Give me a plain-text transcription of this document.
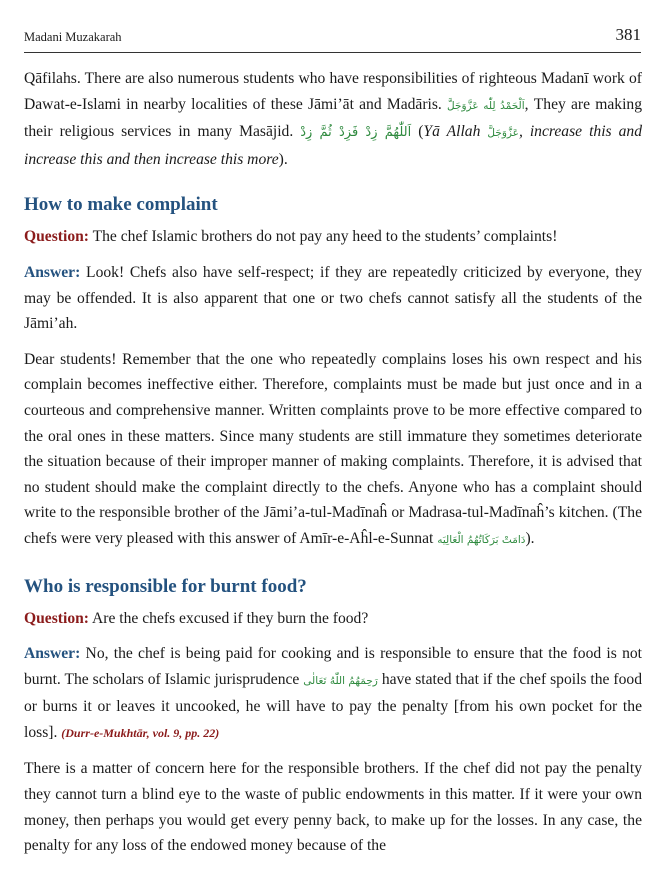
Madani Muzakarah	381

Qāfilahs. There are also numerous students who have responsibilities of righteous Madanī work of Dawat-e-Islami in nearby localities of these Jāmi’āt and Madāris. اَلْحَمْدُ لِلّٰه عَزَّوَجَلَّ, They are making their religious services in many Masājid. اَللّٰهُمَّ زِدْ فَزِدْ ثُمَّ زِدْ (Yā Allah عَزَّوَجَلَّ, increase this and increase this and then increase this more).

How to make complaint

Question: The chef Islamic brothers do not pay any heed to the students’ complaints!

Answer: Look! Chefs also have self-respect; if they are repeatedly criticized by everyone, they may be offended. It is also apparent that one or two chefs cannot satisfy all the students of the Jāmi’ah.

Dear students! Remember that the one who repeatedly complains loses his own respect and his complain becomes ineffective either. Therefore, complaints must be made but just once and in a courteous and comprehensive manner. Written complaints prove to be more effective compared to the oral ones in these matters. Since many students are still immature they sometimes deteriorate the situation because of their improper manner of making complaints. Therefore, it is advised that no student should make the complaint directly to the chefs. Anyone who has a complaint should write to the responsible brother of the Jāmi’a-tul-Madīnaĥ or Madrasa-tul-Madīnaĥ’s kitchen. (The chefs were very pleased with this answer of Amīr-e-Aĥl-e-Sunnat دَامَتْ بَرَكَاتُهُمُ الْعَالِيَه).

Who is responsible for burnt food?

Question: Are the chefs excused if they burn the food?

Answer: No, the chef is being paid for cooking and is responsible to ensure that the food is not burnt. The scholars of Islamic jurisprudence رَحِمَهُمُ اللّٰهُ تَعَالٰى have stated that if the chef spoils the food or burns it or leaves it uncooked, he will have to pay the penalty [from his own pocket for the loss]. (Durr-e-Mukhtār, vol. 9, pp. 22)

There is a matter of concern here for the responsible brothers. If the chef did not pay the penalty they cannot turn a blind eye to the waste of public endowments in this matter. If it were your own money, then perhaps you would get every penny back, to make up for the losses. In any case, the penalty for any loss of the endowed money because of the
